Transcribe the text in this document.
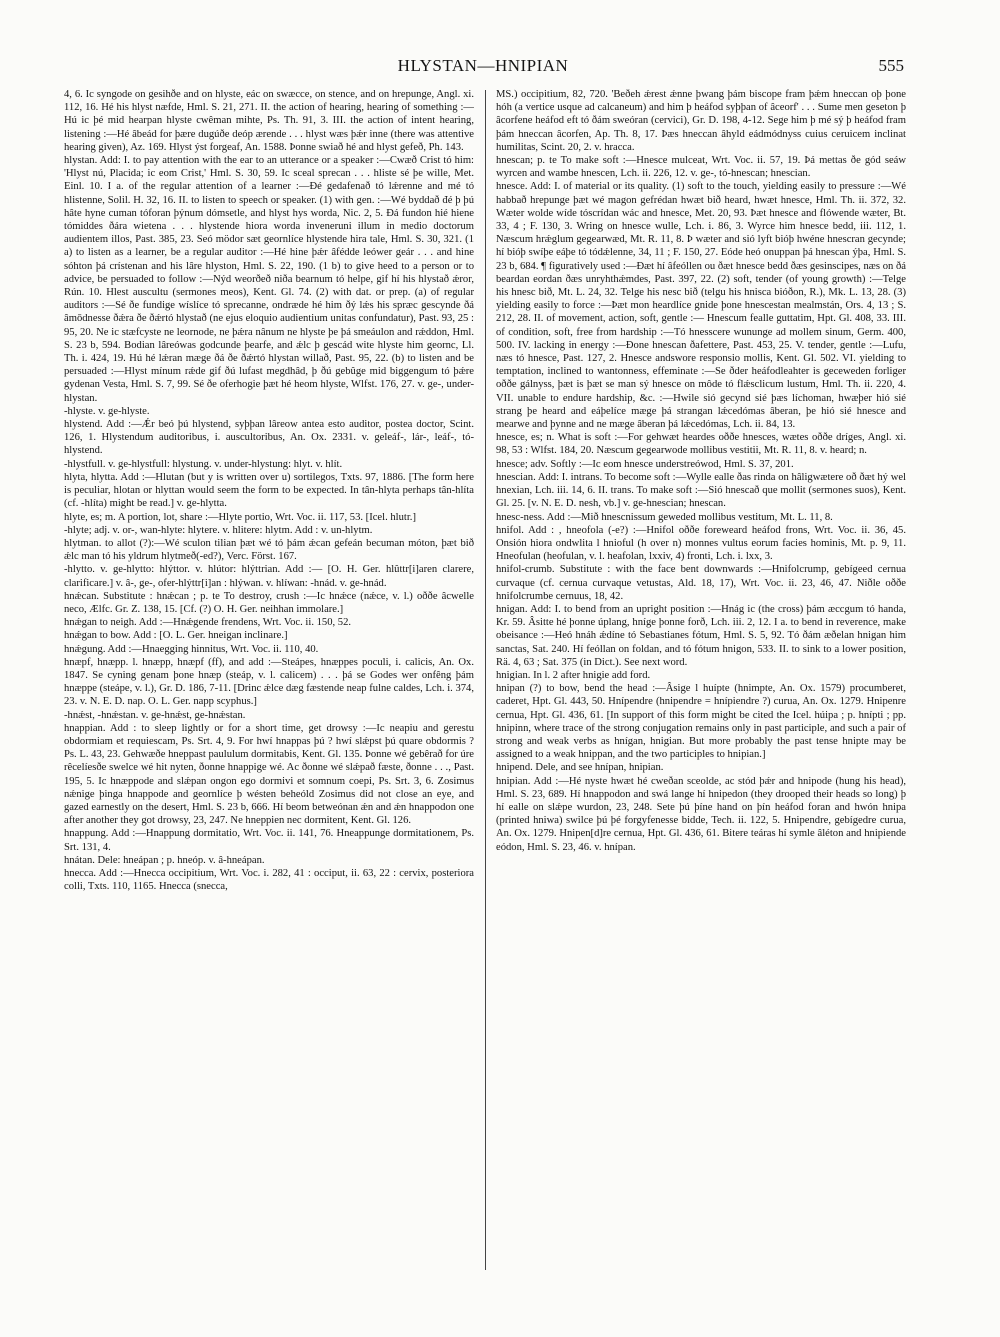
HLYSTAN—HNIPIAN	555

4, 6. Ic syngode on gesihðe and on hlyste, eác on swæcce, on stence, and on hrepunge, Angl. xi. 112, 16. Hé his hlyst næfde, Hml. S. 21, 271. II. the action of hearing, hearing of something :—Hú ic þé mid hearpan hlyste cwêman mihte, Ps. Th. 91, 3. III. the action of intent hearing, listening :—Hé âbeád for þære dugúðe deóp ærende . . . hlyst wæs þǽr inne (there was attentive hearing given), Az. 169. Hlyst ýst forgeaf, An. 1588. Þonne swiað hé and hlyst gefeð, Ph. 143.

hlystan. Add: I. to pay attention with the ear to an utterance or a speaker :—Cwæð Crist tó him: 'Hlyst nú, Placida; ic eom Crist,' Hml. S. 30, 59. Ic sceal sprecan . . . hliste sé þe wille, Met. Einl. 10. I a. of the regular attention of a learner :—Ðé gedafenað tó lǽrenne and mé tó hlistenne, Solil. H. 32, 16. II. to listen to speech or speaker. (1) with gen. :—Wé byddað đé þ þú hâte hyne cuman tóforan þýnum dómsetle, and hlyst hys worda, Nic. 2, 5. Ðá fundon hié hiene tómiddes ðára wietena . . . hlystende hiora worda inveneruni illum in medio doctorum audientem illos, Past. 385, 23. Seó mödor sæt geornlíce hlystende hira tale, Hml. S. 30, 321. (1 a) to listen as a learner, be a regular auditor :—Hé hine þǽr âfédde leówer geár . . . and hine sóhton þá crístenan and his lâre hlyston, Hml. S. 22, 190. (1 b) to give heed to a person or to advice, be persuaded to follow :—Nýd weorðeð niða bearnum tó helpe, gif hí his hlystað ǽror, Rún. 10. Hlest auscultu (sermones meos), Kent. Gl. 74. (2) with dat. or prep. (a) of regular auditors :—Sé ðe fundige wíslíce tó sprecanne, ondræde hé him ðý lǽs his spræc gescynde ðá âmōdnesse ðǽra ðe ðǽrtó hlystað (ne ejus eloquio audientium unitas confundatur), Past. 93, 25 : 95, 20. Ne ic stæfcyste ne leornode, ne þǽra nânum ne hlyste þe þá smeáulon and rǽddon, Hml. S. 23 b, 594. Bodian lâreówas godcunde þearfe, and ǽlc þ gescád wite hlyste him geornc, Ll. Th. i. 424, 19. Hú hé lǽran mæge ðá ðe ðǽrtó hlystan willað, Past. 95, 22. (b) to listen and be persuaded :—Hlyst mínum rǽde gif ðú lufast megdhâd, þ ðú gebûge mid biggengum tó þǽre gydenan Vesta, Hml. S. 7, 99. Sé ðe oferhogie þæt hé heom hlyste, Wlfst. 176, 27. v. ge-, under-hlystan.

-hlyste. v. ge-hlyste.

hlystend. Add :—Ǽr beó þú hlystend, syþþan lâreow antea esto auditor, postea doctor, Scint. 126, 1. Hlystendum auditoribus, i. auscultoribus, An. Ox. 2331. v. geleáf-, lár-, leáf-, tó-hlystend.

-hlystfull. v. ge-hlystfull: hlystung. v. under-hlystung: hlyt. v. hlít.

hlyta, hlytta. Add :—Hlutan (but y is written over u) sortilegos, Txts. 97, 1886. [The form here is peculiar, hlotan or hlyttan would seem the form to be expected. In tân-hlyta perhaps tân-hlíta (cf. -hlíta) might be read.] v. ge-hlytta.

hlyte, es; m. A portion, lot, share :—Hlyte portio, Wrt. Voc. ii. 117, 53. [Icel. hlutr.]

-hlyte; adj. v. or-, wan-hlyte: hlytere. v. hlitere: hlytm. Add : v. un-hlytm.

hlytman. to allot (?):—Wé sculon tilian þæt wé tó þám ǽcan gefeán becuman móton, þæt bið ǽlc man tó his yldrum hlytmeð(-ed?), Verc. Först. 167.

-hlytto. v. ge-hlytto: hlýttor. v. hlútor: hlýttrian. Add :— [O. H. Ger. hlûttr[i]aren clarere, clarificare.] v. â-, ge-, ofer-hlýttr[i]an : hlýwan. v. hlíwan: -hnád. v. ge-hnád.

hnǽcan. Substitute : hnǽcan ; p. te To destroy, crush :—Ic hnǽce (nǽce, v. l.) oððe âcwelle neco, Ælfc. Gr. Z. 138, 15. [Cf. (?) O. H. Ger. neihhan immolare.]

hnǽgan to neigh. Add :—Hnǽgende frendens, Wrt. Voc. ii. 150, 52.

hnǽgan to bow. Add : [O. L. Ger. hneigan inclinare.]

hnǽgung. Add :—Hnaegging hinnitus, Wrt. Voc. ii. 110, 40.

hnæpf, hnæpp. l. hnæpp, hnæpf (ff), and add :—Steápes, hnæppes poculi, i. calicis, An. Ox. 1847. Se cyning genam þone hnæp (steáp, v. l. calicem) . . . þá se Godes wer onfêng þám hnæppe (steápe, v. l.), Gr. D. 186, 7-11. [Drinc ǽlce dæg fæstende neap fulne caldes, Lch. i. 374, 23. v. N. E. D. nap. O. L. Ger. napp scyphus.]

-hnǽst, -hnǽstan. v. ge-hnǽst, ge-hnǽstan.

hnappian. Add : to sleep lightly or for a short time, get drowsy :—Ic neapiu and gerestu obdormiam et requiescam, Ps. Srt. 4, 9. For hwí hnappas þú ? hwí slǽpst þú quare obdormis ? Ps. L. 43, 23. Gehwæðe hneppast paululum dormitabis, Kent. Gl. 135. Þonne wé gebêrað for úre rêcelíesðe swelce wé hit nyten, ðonne hnappige wé. Ac ðonne wé slǽpað fæste, ðonne . . ., Past. 195, 5. Ic hnæppode and slǽpan ongon ego dormivi et somnum coepi, Ps. Srt. 3, 6. Zosimus nǽnige þinga hnappode and geornlíce þ wésten beheóld Zosimus did not close an eye, and gazed earnestly on the desert, Hml. S. 23 b, 666. Hí beom betweónan ǽn and ǽn hnappodon one after another they got drowsy, 23, 247. Ne hneppien nec dormitent, Kent. Gl. 126.

hnappung. Add :—Hnappung dormitatio, Wrt. Voc. ii. 141, 76. Hneappunge dormitationem, Ps. Srt. 131, 4.

hnátan. Dele: hneápan ; p. hneóp. v. â-hneápan.

hnecca. Add :—Hnecca occipitium, Wrt. Voc. i. 282, 41 : occiput, ii. 63, 22 : cervix, posteriora colli, Txts. 110, 1165. Hnecca (snecca,

MS.) occipitium, 82, 720. 'Beðeh ǽrest ǽnne þwang þám biscope fram þǽm hneccan oþ þone hóh (a vertice usque ad calcaneum) and him þ heáfod syþþan of âceorf' . . . Sume men geseton þ âcorfene heáfod eft tó ðám sweóran (cervici), Gr. D. 198, 4-12. Sege him þ mé sý þ heáfod fram þám hneccan âcorfen, Ap. Th. 8, 17. Þæs hneccan âhyld eádmódnyss cuius ceruicem inclinat humilitas, Scint. 20, 2. v. hracca.

hnescan; p. te To make soft :—Hnesce mulceat, Wrt. Voc. ii. 57, 19. Þá mettas ðe gód seáw wyrcen and wambe hnescen, Lch. ii. 226, 12. v. ge-, tó-hnescan; hnescian.

hnesce. Add: I. of material or its quality. (1) soft to the touch, yielding easily to pressure :—Wé habbað hrepunge þæt wé magon gefrédan hwæt bið heard, hwæt hnesce, Hml. Th. ii. 372, 32. Wæter wolde wíde tóscrídan wác and hnesce, Met. 20, 93. Þæt hnesce and flówende wæter, Bt. 33, 4 ; F. 130, 3. Wring on hnesce wulle, Lch. i. 86, 3. Wyrce him hnesce bedd, iii. 112, 1. Næscum hrǽglum gegearwæd, Mt. R. 11, 8. Þ wæter and sió lyft bióþ hwéne hnescran gecynde; hí bióþ swíþe eáþe tó tódǽlenne, 34, 11 ; F. 150, 27. Eóde heó onuppan þá hnescan ýþa, Hml. S. 23 b, 684. ¶ figuratively used :—Ðæt hí âfeóllen ou ðæt hnesce bedd ðæs gesinscipes, næs on ðá beardan eordan ðæs unryhthǽmdes, Past. 397, 22. (2) soft, tender (of young growth) :—Telge his hnesc bið, Mt. L. 24, 32. Telge his nesc bið (telgu his hnisca bióðon, R.), Mk. L. 13, 28. (3) yielding easily to force :—Þæt mon heardlíce gnide þone hnescestan mealmstán, Ors. 4, 13 ; S. 212, 28. II. of movement, action, soft, gentle :— Hnescum fealle guttatim, Hpt. Gl. 408, 33. III. of condition, soft, free from hardship :—Tó hnesscere wununge ad mollem sinum, Germ. 400, 500. IV. lacking in energy :—Ðone hnescan ðafettere, Past. 453, 25. V. tender, gentle :—Lufu, næs tó hnesce, Past. 127, 2. Hnesce andswore responsio mollis, Kent. Gl. 502. VI. yielding to temptation, inclined to wantonness, effeminate :—Se ðder heáfodleahter is geceweden forliger oððe gálnyss, þæt is þæt se man sý hnesce on môde tó flǽsclicum lustum, Hml. Th. ii. 220, 4. VII. unable to endure hardship, &c. :—Hwile sió gecynd sié þæs líchoman, hwæþer hió sié strang þe heard and eáþelíce mæge þá strangan lǽcedómas âberan, þe hió sié hnesce and mearwe and þynne and ne mæge âberan þá lǽcedómas, Lch. ii. 84, 13.

hnesce, es; n. What is soft :—For gehwæt heardes oððe hnesces, wætes oððe dríges, Angl. xi. 98, 53 : Wlfst. 184, 20. Næscum gegearwode mollibus vestitii, Mt. R. 11, 8. v. heard; n.

hnesce; adv. Softly :—Ic eom hnesce understreówod, Hml. S. 37, 201.

hnescian. Add: I. intrans. To become soft :—Wylle ealle ðas rinda on hâligwætere oð ðæt hý wel hnexian, Lch. iii. 14, 6. II. trans. To make soft :—Sió hnescað que mollit (sermones suos), Kent. Gl. 25. [v. N. E. D. nesh, vb.] v. ge-hnescian; hnescan.

hnesc-ness. Add :—Mið hnescnissum geweded mollibus vestitum, Mt. L. 11, 8.

hnifol. Add : , hneofola (-e?) :—Hnifol oððe foreweard heáfod frons, Wrt. Voc. ii. 36, 45. Onsión hiora ondwlita l hnioful (h over n) monnes vultus eorum facies hominis, Mt. p. 9, 11. Hneofulan (heofulan, v. l. heafolan, lxxiv, 4) fronti, Lch. i. lxx, 3.

hnifol-crumb. Substitute : with the face bent downwards :—Hnifolcrump, gebígeed cernua curvaque (cf. cernua curvaque vetustas, Ald. 18, 17), Wrt. Voc. ii. 23, 46, 47. Niðle oððe hnifolcrumbe cernuus, 18, 42.

hnigan. Add: I. to bend from an upright position :—Hnág ic (the cross) þám æccgum tó handa, Kr. 59. Âsitte hé þonne úplang, hníge þonne forð, Lch. iii. 2, 12. I a. to bend in reverence, make obeisance :—Heó hnáh ǽdíne tó Sebastianes fótum, Hml. S. 5, 92. Tó ðám æðelan hnigan him sanctas, Sat. 240. Hí feóllan on foldan, and tó fótum hnigon, 533. II. to sink to a lower position, Rä. 4, 63 ; Sat. 375 (in Dict.). See next word.

hnigian. In l. 2 after hnigie add ford.

hnipan (?) to bow, bend the head :—Âsige l huípte (hnimpte, An. Ox. 1579) procumberet, caderet, Hpt. Gl. 443, 50. Hnípendre (hnipendre = hnípiendre ?) curua, An. Ox. 1279. Hnipenre cernua, Hpt. Gl. 436, 61. [In support of this form might be cited the Icel. húipa ; p. hnípti ; pp. hnipinn, where trace of the strong conjugation remains only in past participle, and such a pair of strong and weak verbs as hnígan, hnigian. But more probably the past tense hnipte may be assigned to a weak hnippan, and the two participles to hnipian.]

hnipend. Dele, and see hnípan, hnipian.

hnipian. Add :—Hé nyste hwæt hé cweðan sceolde, ac stód þǽr and hnipode (hung his head), Hml. S. 23, 689. Hí hnappodon and swá lange hí hnipedon (they drooped their heads so long) þ hí ealle on slǽpe wurdon, 23, 248. Sete þú þíne hand on þín heáfod foran and hwón hnipa (printed hniwa) swilce þú þé forgyfenesse bidde, Tech. ii. 122, 5. Hnipendre, gebígedre curua, An. Ox. 1279. Hnipen[d]re cernua, Hpt. Gl. 436, 61. Bitere teáras hí symle âléton and hnipiende eódon, Hml. S. 23, 46. v. hnípan.
